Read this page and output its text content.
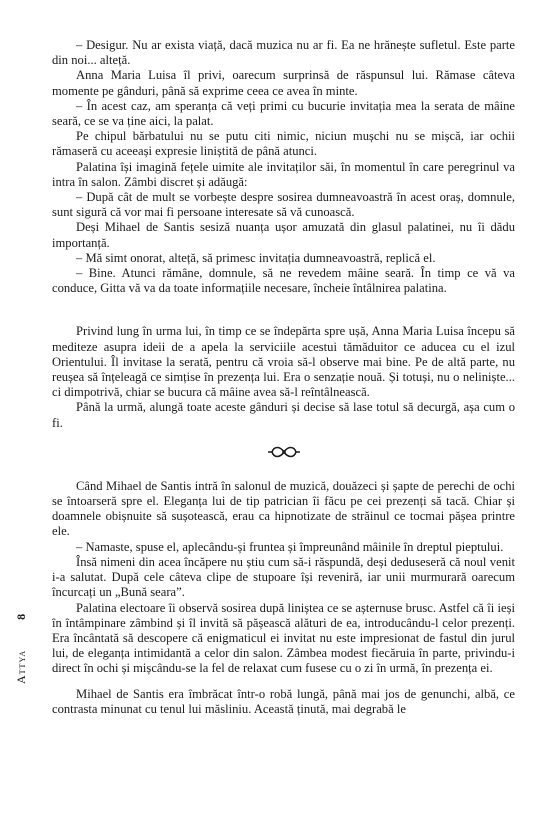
Attya 8

– Desigur. Nu ar exista viață, dacă muzica nu ar fi. Ea ne hrănește sufletul. Este parte din noi... alteță.

Anna Maria Luisa îl privi, oarecum surprinsă de răspunsul lui. Rămase câteva momente pe gânduri, până să exprime ceea ce avea în minte.

– În acest caz, am speranța că veți primi cu bucurie invitația mea la serata de mâine seară, ce se va ține aici, la palat.

Pe chipul bărbatului nu se putu citi nimic, niciun mușchi nu se mișcă, iar ochii rămaseră cu aceeași expresie liniștită de până atunci.

Palatina își imagină fețele uimite ale invitaților săi, în momentul în care peregrinul va intra în salon. Zâmbi discret și adăugă:

– După cât de mult se vorbește despre sosirea dumneavoastră în acest oraș, domnule, sunt sigură că vor mai fi persoane interesate să vă cunoască.

Deși Mihael de Santis sesiză nuanța ușor amuzată din glasul palatinei, nu îi dădu importanță.

– Mă simt onorat, alteță, să primesc invitația dumneavoastră, replică el.

– Bine. Atunci rămâne, domnule, să ne revedem mâine seară. În timp ce vă va conduce, Gitta vă va da toate informațiile necesare, încheie întâlnirea palatina.

Privind lung în urma lui, în timp ce se îndepărta spre ușă, Anna Maria Luisa începu să mediteze asupra ideii de a apela la serviciile acestui tămăduitor ce aducea cu el izul Orientului. Îl invitase la serată, pentru că vroia să-l observe mai bine. Pe de altă parte, nu reușea să înțeleagă ce simțise în prezența lui. Era o senzație nouă. Și totuși, nu o neliniște... ci dimpotrivă, chiar se bucura că mâine avea să-l reîntâlnească.

Până la urmă, alungă toate aceste gânduri și decise să lase totul să decurgă, așa cum o fi.

Când Mihael de Santis intră în salonul de muzică, douăzeci și șapte de perechi de ochi se întoarseră spre el. Eleganța lui de tip patrician îi făcu pe cei prezenți să tacă. Chiar și doamnele obișnuite să sușotească, erau ca hipnotizate de străinul ce tocmai pășea printre ele.

– Namaste, spuse el, aplecându-și fruntea și împreunând mâinile în dreptul pieptului.

Însă nimeni din acea încăpere nu știu cum să-i răspundă, deși deduseseră că noul venit i-a salutat. După cele câteva clipe de stupoare își reveniră, iar unii murmurară oarecum încurcați un „Bună seara”.

Palatina electoare îi observă sosirea după liniștea ce se așternuse brusc. Astfel că îi ieși în întâmpinare zâmbind și îl invită să pășească alături de ea, introducându-l celor prezenți. Era încântată să descopere că enigmaticul ei invitat nu este impresionat de fastul din jurul lui, de eleganța intimidantă a celor din salon. Zâmbea modest fiecăruia în parte, privindu-i direct în ochi și mișcându-se la fel de relaxat cum fusese cu o zi în urmă, în prezența ei.

Mihael de Santis era îmbrăcat într-o robă lungă, până mai jos de genunchi, albă, ce contrasta minunat cu tenul lui măsliniu. Această ținută, mai degrabă le
